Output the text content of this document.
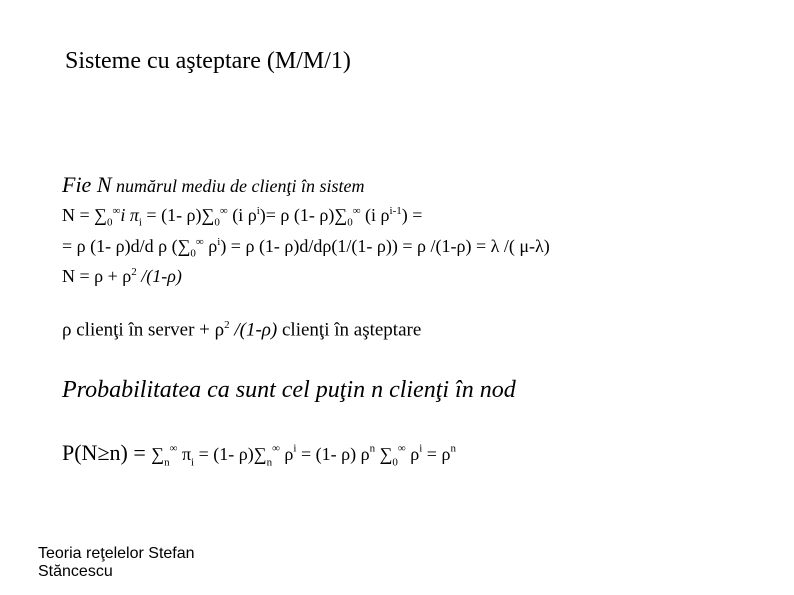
Sisteme cu aşteptare (M/M/1)
Fie N numărul mediu de clienţi în sistem
$N = \sum_0^\infty i$ $\pi_i = (1-$ $\rho)\sum_0^\infty$ (i $\rho^i)= \rho$ (1- $\rho)\sum_0^\infty$ (i $\rho^{i-1}$) =
= ρ (1- ρ)d/d ρ ($\sum_0^\infty$ $\rho^i) = \rho$ (1- ρ)d/dρ(1/(1- ρ)) = ρ /(1-ρ) = λ /( μ-λ)
$N = \rho + \rho^2$ /(1-ρ)
ρ clienţi în server + $\rho^2$ /(1-ρ) clienţi în aşteptare
Probabilitatea ca sunt cel puţin n clienţi în nod
$P(N\ge n) = \sum_n^\infty$ $\pi_i = (1-$ $\rho)\sum_n^\infty$ $\rho^i = (1-$ ρ) $\rho^n$ $\sum_0^\infty$ $\rho^i = \rho^n$
Teoria reţelelor Stefan
Stăncescu
